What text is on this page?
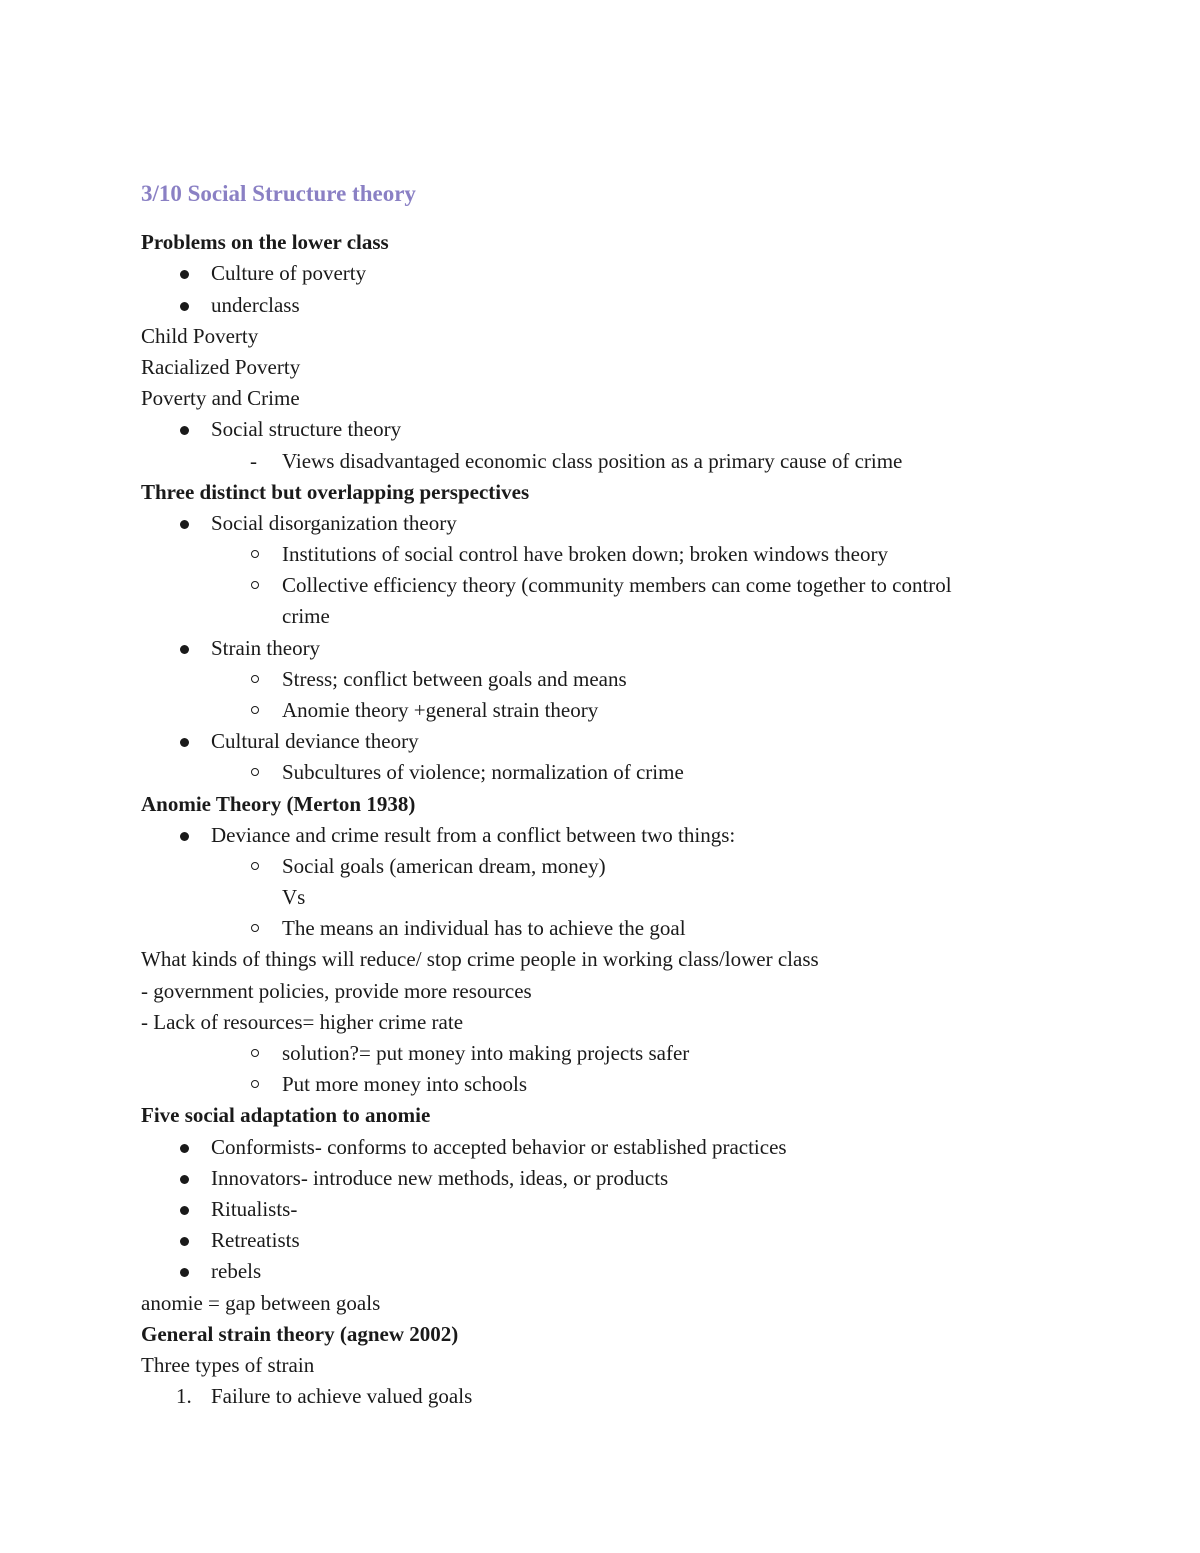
3/10 Social Structure theory
Problems on the lower class
Culture of poverty
underclass
Child Poverty
Racialized Poverty
Poverty and Crime
Social structure theory
- Views disadvantaged economic class position as a primary cause of crime
Three distinct but overlapping perspectives
Social disorganization theory
Institutions of social control have broken down; broken windows theory
Collective efficiency theory (community members can come together to control
crime
Strain theory
Stress; conflict between goals and means
Anomie theory +general strain theory
Cultural deviance theory
Subcultures of violence; normalization of crime
Anomie Theory (Merton 1938)
Deviance and crime result from a conflict between two things:
Social goals (american dream, money)
Vs
The means an individual has to achieve the goal
What kinds of things will reduce/ stop crime people in working class/lower class
- government policies, provide more resources
- Lack of resources= higher crime rate
solution?= put money into making projects safer
Put more money into schools
Five social adaptation to anomie
Conformists- conforms to accepted behavior or established practices
Innovators- introduce new methods, ideas, or products
Ritualists-
Retreatists
rebels
anomie = gap between goals
General strain theory (agnew 2002)
Three types of strain
1. Failure to achieve valued goals
